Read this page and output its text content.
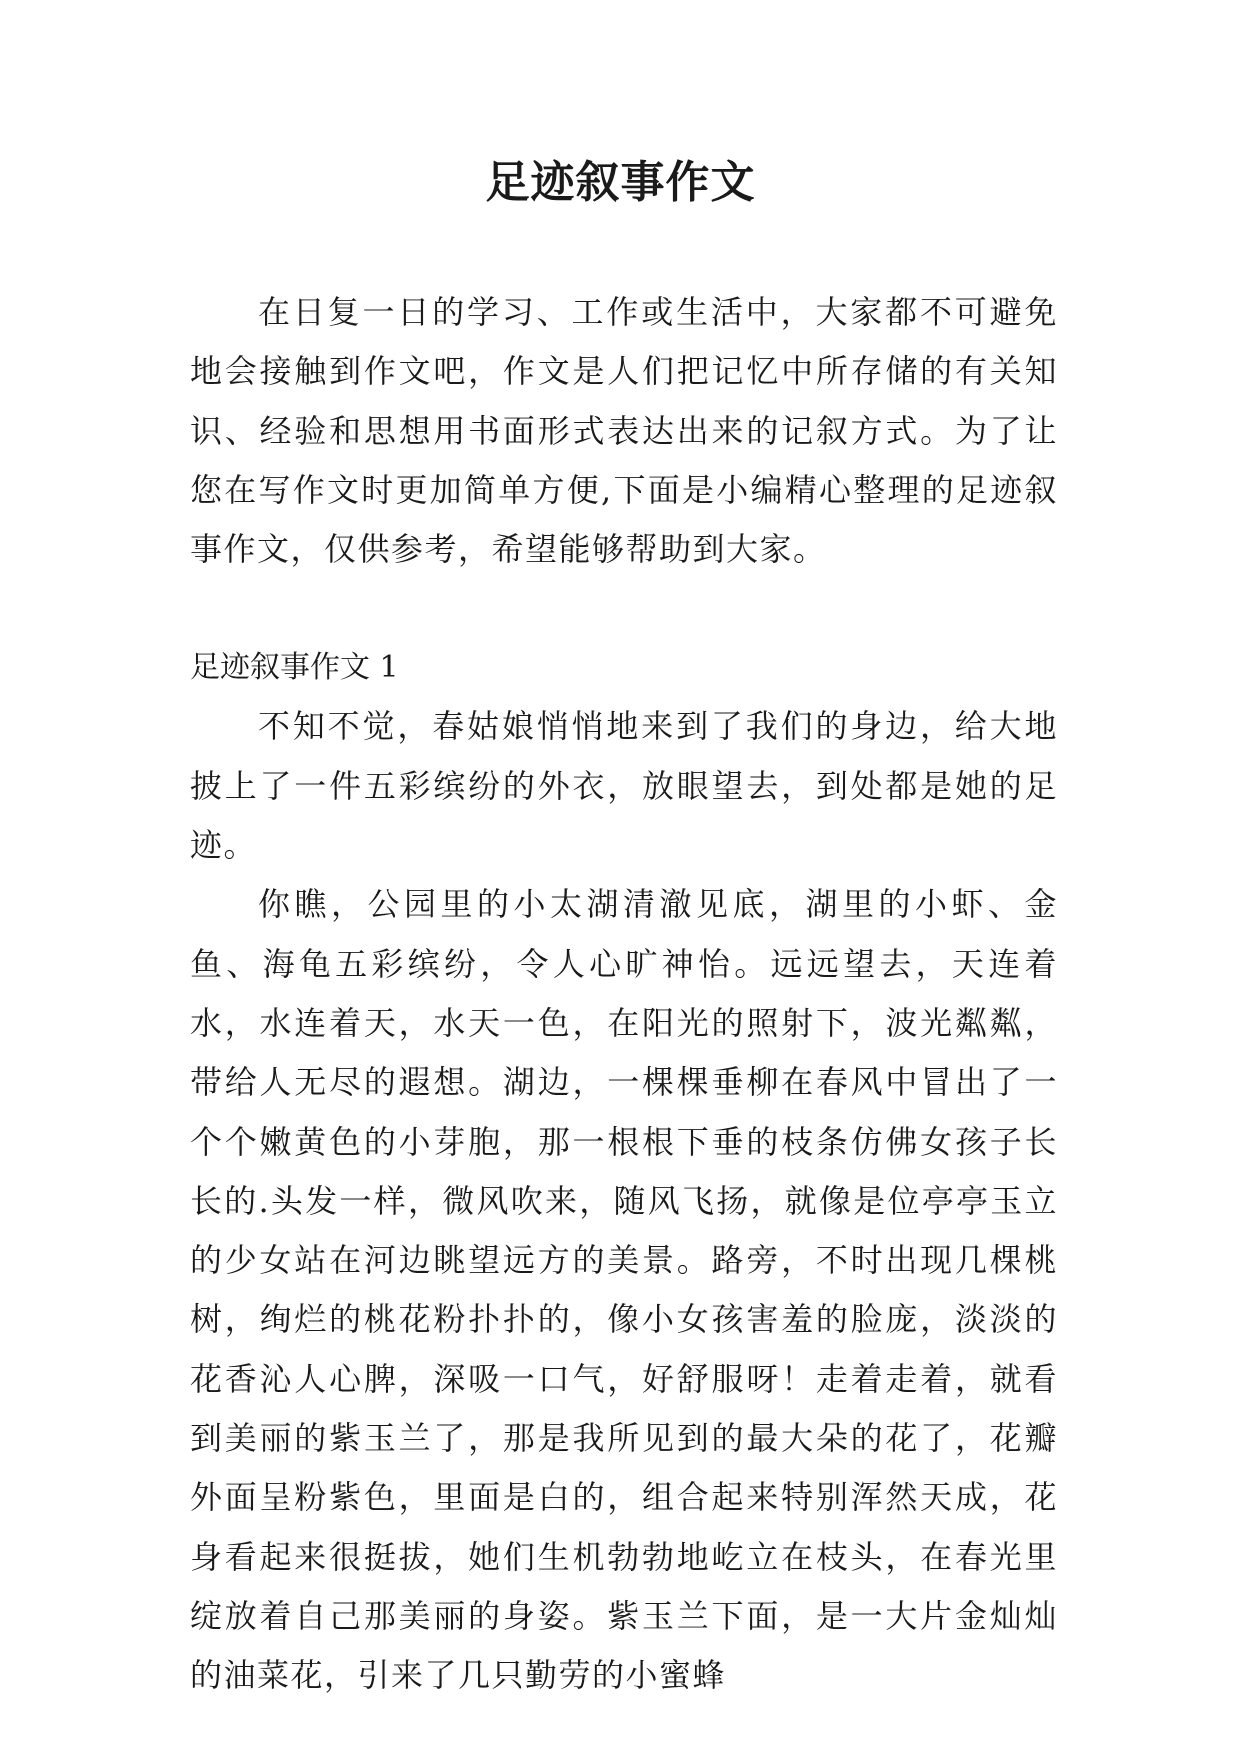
足迹叙事作文

在日复一日的学习、工作或生活中，大家都不可避免地会接触到作文吧，作文是人们把记忆中所存储的有关知识、经验和思想用书面形式表达出来的记叙方式。为了让您在写作文时更加简单方便,下面是小编精心整理的足迹叙事作文，仅供参考，希望能够帮助到大家。

足迹叙事作文 1

不知不觉，春姑娘悄悄地来到了我们的身边，给大地披上了一件五彩缤纷的外衣，放眼望去，到处都是她的足迹。

你瞧，公园里的小太湖清澈见底，湖里的小虾、金鱼、海龟五彩缤纷，令人心旷神怡。远远望去，天连着水，水连着天，水天一色，在阳光的照射下，波光粼粼，带给人无尽的遐想。湖边，一棵棵垂柳在春风中冒出了一个个嫩黄色的小芽胞，那一根根下垂的枝条仿佛女孩子长长的.头发一样，微风吹来，随风飞扬，就像是位亭亭玉立的少女站在河边眺望远方的美景。路旁，不时出现几棵桃树，绚烂的桃花粉扑扑的，像小女孩害羞的脸庞，淡淡的花香沁人心脾，深吸一口气，好舒服呀！走着走着，就看到美丽的紫玉兰了，那是我所见到的最大朵的花了，花瓣外面呈粉紫色，里面是白的，组合起来特别浑然天成，花身看起来很挺拔，她们生机勃勃地屹立在枝头，在春光里绽放着自己那美丽的身姿。紫玉兰下面，是一大片金灿灿的油菜花，引来了几只勤劳的小蜜蜂
